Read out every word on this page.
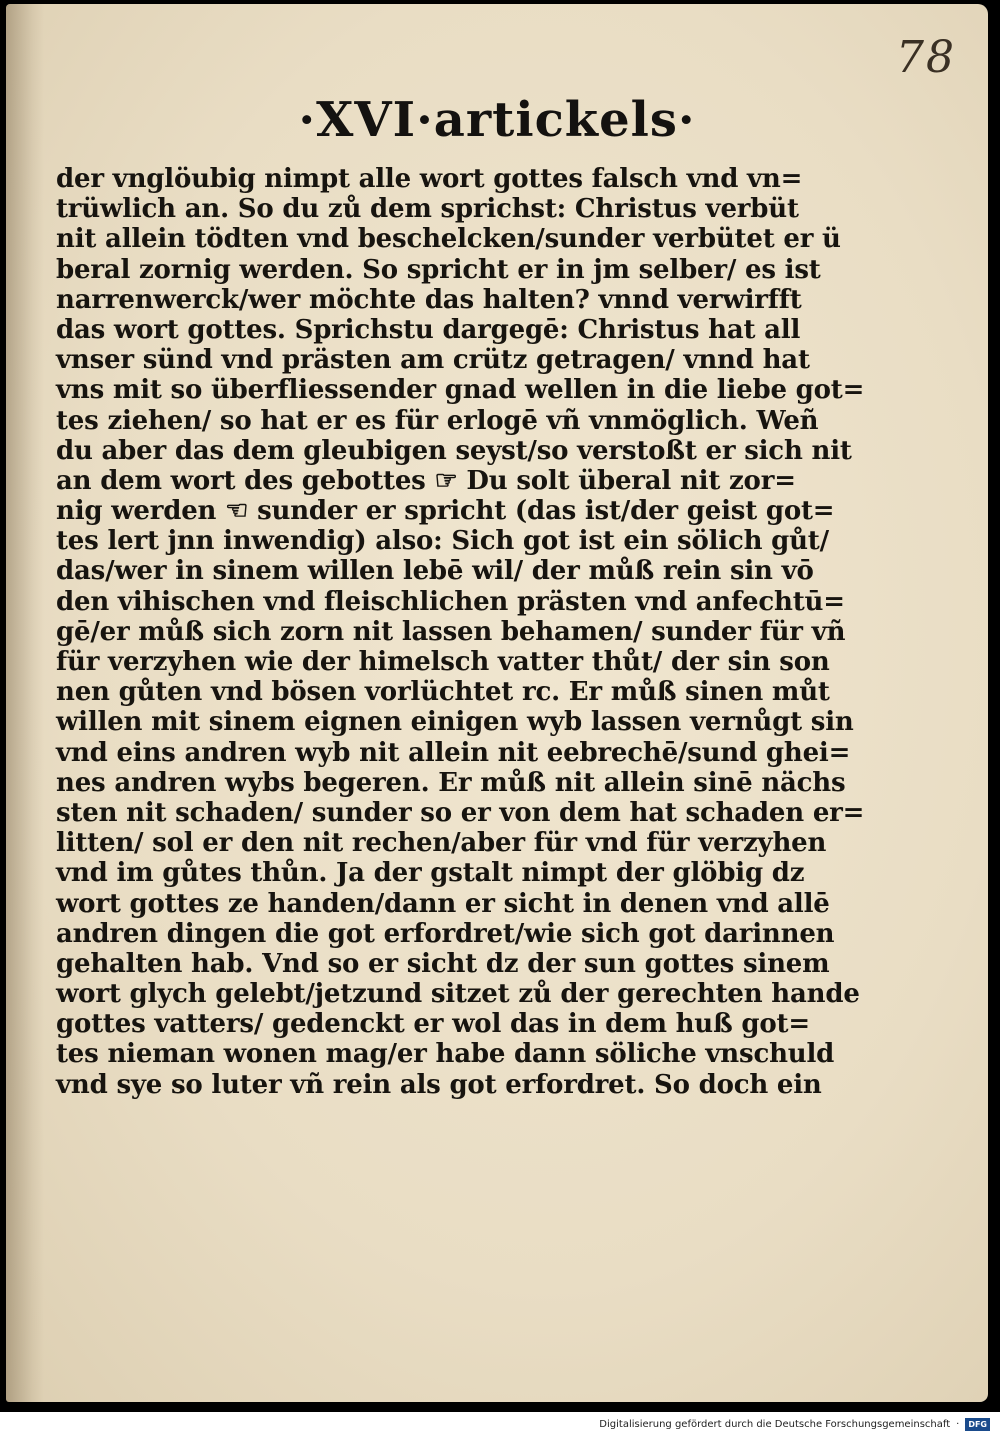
78
·XVI·artickels·
der vnglöubig nimpt alle wort gottes falsch vnd vn=
trüwlich an. So du zů dem sprichst: Christus verbüt
nit allein tödten vnd beschelcken/sunder verbütet er ü
beral zornig werden. So spricht er in jm selber/ es ist
narrenwerck/wer möchte das halten? vnnd verwirfft
das wort gottes. Sprichstu dargegē: Christus hat all
vnser sünd vnd prästen am crütz getragen/ vnnd hat
vns mit so überfliessender gnad wellen in die liebe got=
tes ziehen/ so hat er es für erlogē vñ vnmöglich. Weñ
du aber das dem gleubigen seyst/so verstoßt er sich nit
an dem wort des gebottes ☞ Du solt überal nit zor=
nig werden ☜ sunder er spricht (das ist/der geist got=
tes lert jnn inwendig) also: Sich got ist ein sölich gůt/
das/wer in sinem willen lebē wil/ der můß rein sin vō
den vihischen vnd fleischlichen prästen vnd anfechtū=
gē/er můß sich zorn nit lassen behamen/ sunder für vñ
für verzyhen wie der himelsch vatter thůt/ der sin son
nen gůten vnd bösen vorlüchtet rc. Er můß sinen můt
willen mit sinem eignen einigen wyb lassen vernůgt sin
vnd eins andren wyb nit allein nit eebrechē/sund ghei=
nes andren wybs begeren. Er můß nit allein sinē nächs
sten nit schaden/ sunder so er von dem hat schaden er=
litten/ sol er den nit rechen/aber für vnd für verzyhen
vnd im gůtes thůn. Ja der gstalt nimpt der glöbig dz
wort gottes ze handen/dann er sicht in denen vnd allē
andren dingen die got erfordret/wie sich got darinnen
gehalten hab. Vnd so er sicht dz der sun gottes sinem
wort glych gelebt/jetzund sitzet zů der gerechten hande
gottes vatters/ gedenckt er wol das in dem huß got=
tes nieman wonen mag/er habe dann söliche vnschuld
vnd sye so luter vñ rein als got erfordret. So doch ein
Digitalisierung gefördert durch die Deutsche Forschungsgemeinschaft ·	DFG
